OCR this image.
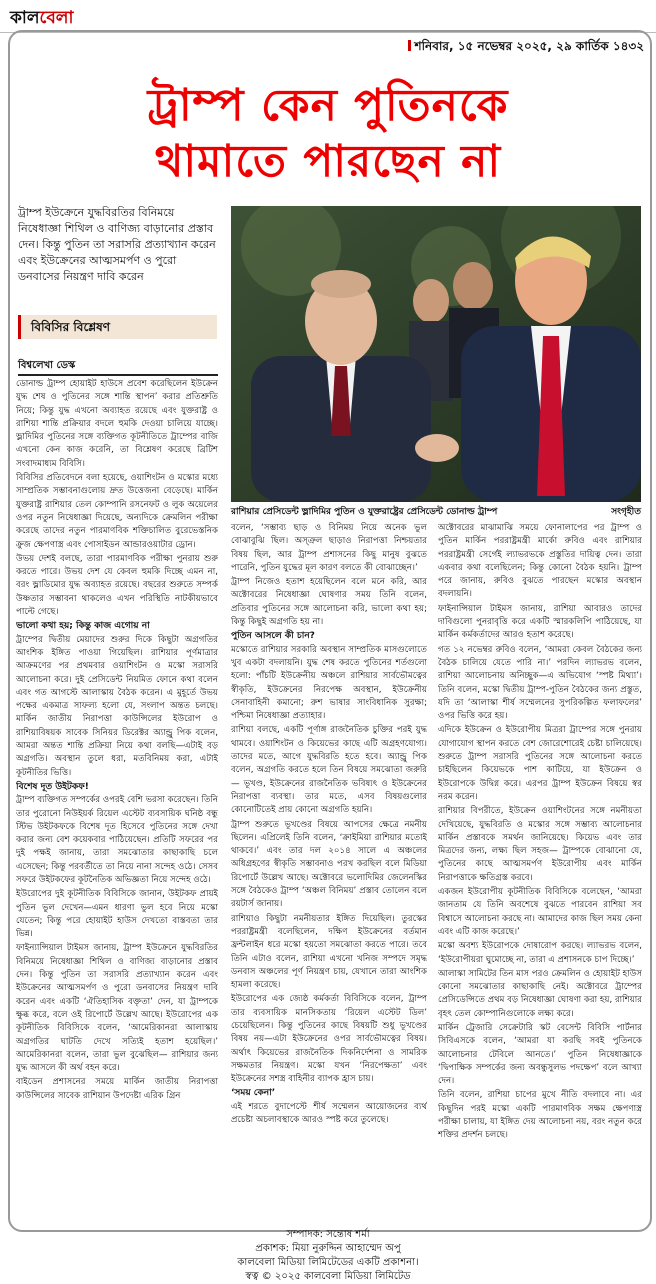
কালবেলা
শনিবার, ১৫ নভেম্বর ২০২৫, ২৯ কার্তিক ১৪৩২
ট্রাম্প কেন পুতিনকে
থামাতে পারছেন না
ট্রাম্প ইউক্রেনে যুদ্ধবিরতির বিনিময়ে নিষেধাজ্ঞা শিথিল ও বাণিজ্য বাড়ানোর প্রস্তাব দেন। কিন্তু পুতিন তা সরাসরি প্রত্যাখ্যান করেন এবং ইউক্রেনের আত্মসমর্পণ ও পুরো ডনবাসের নিয়ন্ত্রণ দাবি করেন
বিবিসির বিশ্লেষণ
বিশ্বলেখা ডেস্ক
রাশিয়ার প্রেসিডেন্ট ভ্লাদিমির পুতিন ও যুক্তরাষ্ট্রের প্রেসিডেন্ট ডোনাল্ড ট্রাম্প	সংগৃহীত

ডোনাল্ড ট্রাম্প হোয়াইট হাউসে প্রবেশ করেছিলেন ইউক্রেন যুদ্ধ শেষ ও পুতিনের সঙ্গে শান্তি স্থাপন’ করার প্রতিশ্রুতি নিয়ে; কিন্তু যুদ্ধ এখনো অব্যাহত রয়েছে এবং যুক্তরাষ্ট্র ও রাশিয়া শান্তি প্রক্রিয়ার বদলে হুমকি দেওয়া চালিয়ে যাচ্ছে। ভ্লাদিমির পুতিনের সঙ্গে ব্যক্তিগত কূটনীতিতে ট্রাম্পের বাজি এখনো কেন কাজ করেনি, তা বিশ্লেষণ করেছে ব্রিটিশ সংবাদমাধ্যম বিবিসি।

বিবিসির প্রতিবেদনে বলা হয়েছে, ওয়াশিংটন ও মস্কোর মধ্যে সাম্প্রতিক সম্ভাবনাগুলোয় দ্রুত উত্তেজনা বেড়েছে। মার্কিন যুক্তরাষ্ট্র রাশিয়ার তেল কোম্পানি রসনেফট ও লুক অয়েলের ওপর নতুন নিষেধাজ্ঞা দিয়েছে, অন্যদিকে ক্রেমলিন পরীক্ষা করেছে তাদের নতুন পারমাণবিক শক্তিচালিত বুরেভেস্তনিক ক্রুজ ক্ষেপণাস্ত্র এবং পোসাইডন আন্ডারওয়াটার ড্রোন।

উভয় দেশই বলছে, তারা পারমাণবিক পরীক্ষা পুনরায় শুরু করতে পারে। উভয় দেশ যে কেবল হুমকি দিচ্ছে এমন না, বরং ভ্লাডিমোর যুদ্ধ অব্যাহত রয়েছে। বছরের শুরুতে সম্পর্ক উষ্ণতার সম্ভাবনা থাকলেও এখন পরিস্থিতি নাটকীয়ভাবে পাল্টে গেছে।

ভালো কথা হয়; কিন্তু কাজ এগোয় না

ট্রাম্পের দ্বিতীয় মেয়াদের শুরুর দিকে কিছুটা অগ্রগতির আংশিক ইঙ্গিত পাওয়া গিয়েছিল। রাশিয়ার পূর্ণমাত্রার আক্রমণের পর প্রথমবার ওয়াশিংটন ও মস্কো সরাসরি আলোচনা করে। দুই প্রেসিডেন্ট নিয়মিত ফোনে কথা বলেন এবং গত আগস্টে আলাস্কায় বৈঠক করেন। এ মুহূর্তে উভয় পক্ষের একমাত্র সাফল্য হলো যে, সংলাপ অন্তত চলছে। মার্কিন জাতীয় নিরাপত্তা কাউন্সিলের ইউরোপ ও রাশিয়াবিষয়ক সাবেক সিনিয়র ডিরেক্টর অ্যান্ড্রু পিক বলেন, আমরা অন্তত শান্তি প্রক্রিয়া নিয়ে কথা বলছি—এটাই বড় অগ্রগতি। অবস্থান তুলে ধরা, মতবিনিময় করা, এটাই কূটনীতির ভিত্তি।

বিশেষ দূত উইটকফ!

ট্রাম্প ব্যক্তিগত সম্পর্কের ওপরই বেশি ভরসা করেছেন। তিনি তার পুরোনো নিউইয়র্ক রিয়েল এস্টেট ব্যবসায়িক ঘনিষ্ঠ বন্ধু স্টিভ উইটকফকে বিশেষ দূত হিসেবে পুতিনের সঙ্গে দেখা করার জন্য বেশ কয়েকবার পাঠিয়েছেন। প্রতিটি সফরের পর দুই পক্ষই জানায়, তারা সমঝোতার কাছাকাছি চলে এসেছেন; কিন্তু পরবর্তীতে তা নিয়ে নানা সন্দেহ ওঠে। সেসব সফরে উইটকফের কূটনৈতিক অভিজ্ঞতা নিয়ে সন্দেহ ওঠে।

ইউরোপের দুই কূটনীতিক বিবিসিকে জানান, উইটকফ প্রায়ই পুতিন ভুল দেখেন—এমন ধারণা ভুল হবে নিয়ে মস্কো যেতেন; কিন্তু পরে হোয়াইট হাউস দেখতো বাস্তবতা তার ভিন্ন।

ফাইন্যান্সিয়াল টাইমস জানায়, ট্রাম্প ইউক্রেনে যুদ্ধবিরতির বিনিময়ে নিষেধাজ্ঞা শিথিল ও বাণিজ্য বাড়ানোর প্রস্তাব দেন। কিন্তু পুতিন তা সরাসরি প্রত্যাখ্যান করেন এবং ইউক্রেনের আত্মসমর্পণ ও পুরো ডনবাসের নিয়ন্ত্রণ দাবি করেন এবং একটি ‘ঐতিহাসিক বক্তৃতা’ দেন, যা ট্রাম্পকে ক্ষুব্ধ করে, বলে ওই রিপোর্টে উল্লেখ আছে। ইউরোপের এক কূটনীতিক বিবিসিকে বলেন, ‘আমেরিকানরা আলাস্কায় অগ্রগতির ঘাটতি দেখে সত্যিই হতাশ হয়েছিল।’ আমেরিকানরা বলেন, তারা ভুল বুঝেছিল— রাশিয়ার জন্য যুদ্ধ আসলে কী অর্থ বহন করে।

বাইডেন প্রশাসনের সময়ে মার্কিন জাতীয় নিরাপত্তা কাউন্সিলের সাবেক রাশিয়ান উপদেষ্টা এরিক গ্রিন

বলেন, ‘সম্ভাব্য ছাড় ও বিনিময় নিয়ে অনেক ভুল বোঝাবুঝি ছিল। অস্ত্রুল ছাড়াও নিরাপত্তা নিশ্চয়তার বিষয় ছিল, আর ট্রাম্প প্রশাসনের কিছু মানুষ বুঝতে পারেনি, পুতিন যুদ্ধের মূল কারণ বলতে কী বোঝাচ্ছেন।’

ট্রাম্প নিজেও হতাশ হয়েছিলেন বলে মনে করি, আর অক্টোবরের নিষেধাজ্ঞা ঘোষণার সময় তিনি বলেন, প্রতিবার পুতিনের সঙ্গে আলোচনা করি, ভালো কথা হয়; কিন্তু কিছুই অগ্রগতি হয় না।

পুতিন আসলে কী চান?

মস্কোতে রাশিয়ার সরকারি অবস্থান সাম্প্রতিক মাসগুলোতে খুব একটা বদলায়নি। যুদ্ধ শেষ করতে পুতিনের শর্তগুলো হলো: পাঁচটি ইউক্রেনীয় অঞ্চলে রাশিয়ার সার্বভৌমত্বের স্বীকৃতি, ইউক্রেনের নিরপেক্ষ অবস্থান, ইউক্রেনীয় সেনাবাহিনী কমানো; রুশ ভাষার সাংবিধানিক সুরক্ষা; পশ্চিমা নিষেধাজ্ঞা প্রত্যাহার।

রাশিয়া বলছে, একটি পূর্ণাঙ্গ রাজনৈতিক চুক্তির পরই যুদ্ধ থামবে। ওয়াশিংটন ও কিয়েভের কাছে এটি অগ্রহণযোগ্য। তাদের মতে, আগে যুদ্ধবিরতি হতে হবে। অ্যান্ড্রু পিক বলেন, অগ্রগতি করতে হলে তিন বিষয়ে সমঝোতা জরুরি— ভূখণ্ড, ইউক্রেনের রাজনৈতিক ভবিষ্যৎ ও ইউক্রেনের নিরাপত্তা ব্যবস্থা। তার মতে, এসব বিষয়গুলোর কোনোটিতেই প্রায় কোনো অগ্রগতি হয়নি।

ট্রাম্প শুরুতে ভূখণ্ডের বিষয়ে আপসের ক্ষেত্রে নমনীয় ছিলেন। এপ্রিলেই তিনি বলেন, ‘ক্রাইমিয়া রাশিয়ার মতোই থাকবে।’ এবং তার দল ২০১৪ সালে এ অঞ্চলের অধিগ্রহণের স্বীকৃতি সম্ভাবনাও পরখ করছিল বলে মিডিয়া রিপোর্টে উল্লেখ আছে। অক্টোবরে ভলোদিমির জেলেনস্কির সঙ্গে বৈঠকেও ট্রাম্প ‘অঞ্চল বিনিময়’ প্রস্তাব তোলেন বলে রয়টার্স জানায়।

রাশিয়াও কিছুটা নমনীয়তার ইঙ্গিত দিয়েছিল। তুরস্কের পররাষ্ট্রমন্ত্রী বলেছিলেন, দক্ষিণ ইউক্রেনের বর্তমান ফ্রন্টলাইন ধরে মস্কো হয়তো সমঝোতা করতে পারে। তবে তিনি এটাও বলেন, রাশিয়া এখনো খনিজ সম্পদে সমৃদ্ধ ডনবাস অঞ্চলের পূর্ণ নিয়ন্ত্রণ চায়, যেখানে তারা আংশিক হামলা করেছে।

ইউরোপের এক জ্যেষ্ঠ কর্মকর্তা বিবিসিকে বলেন, ট্রাম্প তার ব্যবসায়িক মানসিকতায় ‘রিয়েল এস্টেট ডিল’ চেয়েছিলেন। কিন্তু পুতিনের কাছে বিষয়টি শুধু ভূখণ্ডের বিষয় নয়—এটা ইউক্রেনের ওপর সার্বভৌমত্বের বিষয়। অর্থাৎ কিয়েভের রাজনৈতিক দিকনির্দেশনা ও সামরিক সক্ষমতার নিয়ন্ত্রণ। মস্কো যখন ‘নিরপেক্ষতা’ এবং ইউক্রেনের সশস্ত্র বাহিনীর ব্যাপক হ্রাস চায়।

‘সময় কেনা’

এই শরতে বুদাপেস্টে শীর্ষ সম্মেলন আয়োজনের ব্যর্থ প্রচেষ্টা অচলাবস্থাকে আরও স্পষ্ট করে তুলেছে।

অক্টোবরের মাঝামাঝি সময়ে ফোনালাপের পর ট্রাম্প ও পুতিন মার্কিন পররাষ্ট্রমন্ত্রী মার্কো রুবিও এবং রাশিয়ার পররাষ্ট্রমন্ত্রী সের্গেই ল্যাভরভকে প্রস্তুতির দায়িত্ব দেন। তারা একবার কথা বলেছিলেন; কিন্তু কোনো বৈঠক হয়নি। ট্রাম্প পরে জানায়, রুবিও বুঝতে পারছেন মস্কোর অবস্থান বদলায়নি।

ফাইনান্সিয়াল টাইমস জানায়, রাশিয়া আবারও তাদের দাবিগুলো পুনরাবৃত্তি করে একটি স্মারকলিপি পাঠিয়েছে, যা মার্কিন কর্মকর্তাদের আরও হতাশ করেছে।

গত ১২ নভেম্বর রুবিও বলেন, ‘আমরা কেবল বৈঠকের জন্য বৈঠক চালিয়ে যেতে পারি না।’ পরদিন ল্যাভরভ বলেন, রাশিয়া আলোচনায় অনিচ্ছুক—এ অভিযোগ ‘স্পষ্ট মিথ্যা’। তিনি বলেন, মস্কো দ্বিতীয় ট্রাম্প-পুতিন বৈঠকের জন্য প্রস্তুত, যদি তা ‘আলাস্কা শীর্ষ সম্মেলনের সুপরিকল্পিত ফলাফলের’ ওপর ভিত্তি করে হয়।

এদিকে ইউক্রেন ও ইউরোপীয় মিত্ররা ট্রাম্পের সঙ্গে পুনরায় যোগাযোগ স্থাপন করতে বেশ জোরেশোরেই চেষ্টা চালিয়েছে। শুরুতে ট্রাম্প সরাসরি পুতিনের সঙ্গে আলোচনা করতে চাইছিলেন কিয়েভকে পাশ কাটিয়ে, যা ইউক্রেন ও ইউরোপকে উদ্বিগ্ন করে। এরপর ট্রাম্প ইউক্রেন বিষয়ে স্বর নরম করেন।

রাশিয়ার বিপরীতে, ইউক্রেন ওয়াশিংটনের সঙ্গে নমনীয়তা দেখিয়েছে, যুদ্ধবিরতি ও মস্কোর সঙ্গে সম্ভাব্য আলোচনার মার্কিন প্রস্তাবকে সমর্থন জানিয়েছে। কিয়েভ এবং তার মিত্রদের জন্য, লক্ষ্য ছিল সহজ— ট্রাম্পকে বোঝানো যে, পুতিনের কাছে আত্মসমর্পণ ইউরোপীয় এবং মার্কিন নিরাপত্তাকে ক্ষতিগ্রস্ত করবে।

একজন ইউরোপীয় কূটনীতিক বিবিসিকে বলেছেন, ‘আমরা জানতাম যে তিনি অবশেষে বুঝতে পারবেন রাশিয়া সব বিশ্বাসে আলোচনা করছে না। আমাদের কাজ ছিল সময় কেনা এবং এটি কাজ করেছে।’

মস্কো অবশ্য ইউরোপকে দোষারোপ করছে। ল্যাভরভ বলেন, ‘ইউরোপীয়রা ঘুমোচ্ছে না, তারা এ প্রশাসনকে চাপ দিচ্ছে।’

আলাস্কা সামিটের তিন মাস পরও ক্রেমলিন ও হোয়াইট হাউস কোনো সমঝোতার কাছাকাছি নেই। অক্টোবরে ট্রাম্পের প্রেসিডেন্সিতে প্রথম বড় নিষেধাজ্ঞা ঘোষণা করা হয়, রাশিয়ার বৃহৎ তেল কোম্পানিগুলোকে লক্ষ্য করে।

মার্কিন ট্রেজারি সেক্রেটারি স্কট বেসেন্ট বিবিসি পার্টনার সিবিএসকে বলেন, ‘আমরা যা করছি সবই পুতিনকে আলোচনার টেবিলে আনতে।’ পুতিন নিষেধাজ্ঞাকে ‘দ্বিপাক্ষিক সম্পর্কের জন্য অবন্ধুসুলভ পদক্ষেপ’ বলে আখ্যা দেন।

তিনি বলেন, রাশিয়া চাপের মুখে নীতি বদলাবে না। এর কিছুদিন পরই মস্কো একটি পারমাণবিক সক্ষম ক্ষেপণাস্ত্র পরীক্ষা চালায়, যা ইঙ্গিত দেয় আলোচনা নয়, বরং নতুন করে শক্তির প্রদর্শন চলছে।

সম্পাদক: সন্তোষ শর্মা
প্রকাশক: মিয়া নুরুদ্দিন আহাম্মেদ অপু
কালবেলা মিডিয়া লিমিটেডের একটি প্রকাশনা।
স্বত্ব © ২০২৫ কালবেলা মিডিয়া লিমিটেড
